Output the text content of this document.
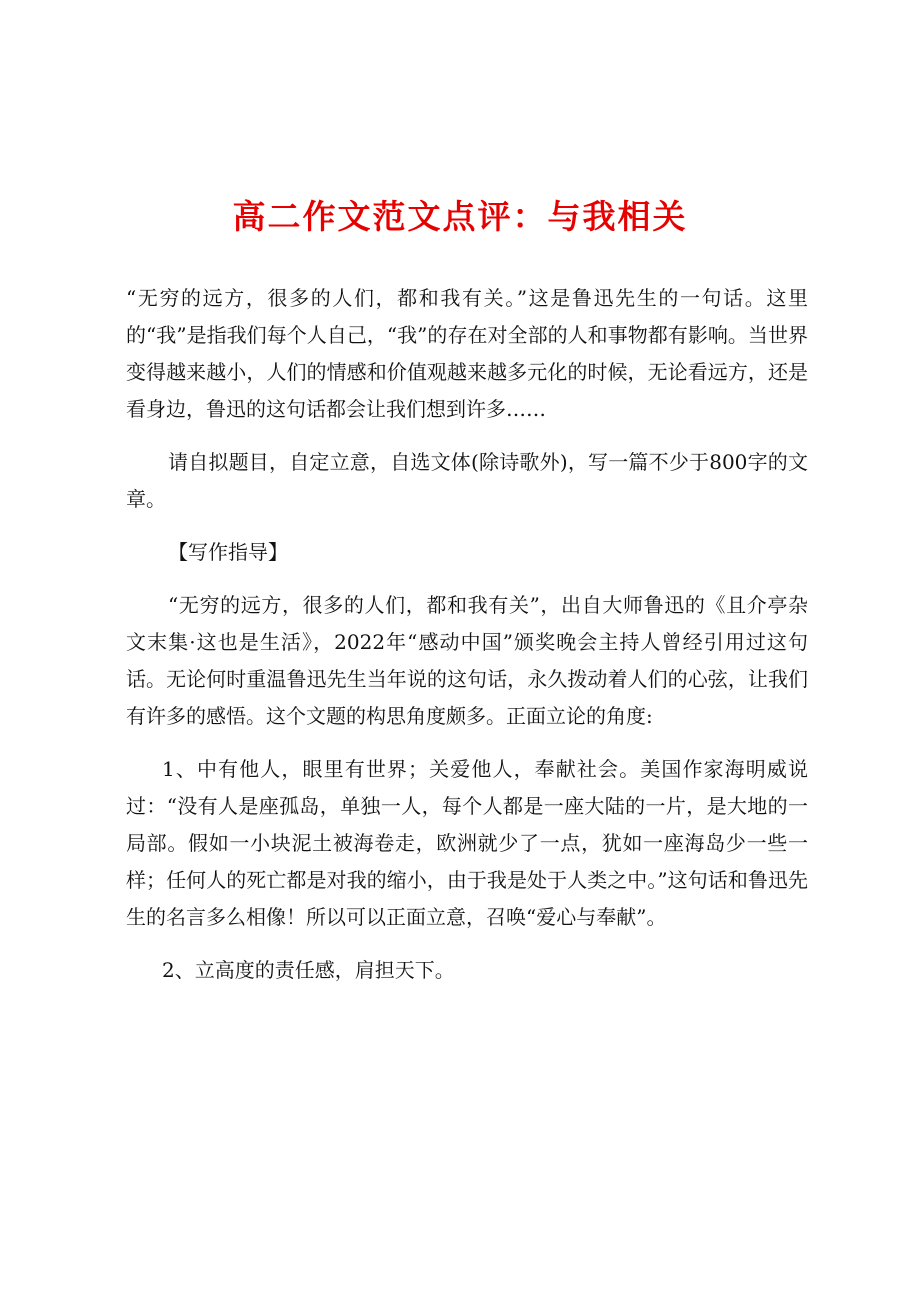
高二作文范文点评：与我相关

“无穷的远方，很多的人们，都和我有关。”这是鲁迅先生的一句话。这里的“我”是指我们每个人自己，“我”的存在对全部的人和事物都有影响。当世界变得越来越小，人们的情感和价值观越来越多元化的时候，无论看远方，还是看身边，鲁迅的这句话都会让我们想到许多……

请自拟题目，自定立意，自选文体(除诗歌外)，写一篇不少于800字的文章。

【写作指导】

“无穷的远方，很多的人们，都和我有关”，出自大师鲁迅的《且介亭杂文末集·这也是生活》，2022年“感动中国”颁奖晚会主持人曾经引用过这句话。无论何时重温鲁迅先生当年说的这句话，永久拨动着人们的心弦，让我们有许多的感悟。这个文题的构思角度颇多。正面立论的角度:

1、中有他人，眼里有世界；关爱他人，奉献社会。美国作家海明威说过：“没有人是座孤岛，单独一人，每个人都是一座大陆的一片，是大地的一局部。假如一小块泥土被海卷走，欧洲就少了一点，犹如一座海岛少一些一样；任何人的死亡都是对我的缩小，由于我是处于人类之中。”这句话和鲁迅先生的名言多么相像！所以可以正面立意，召唤“爱心与奉献”。

2、立高度的责任感，肩担天下。
